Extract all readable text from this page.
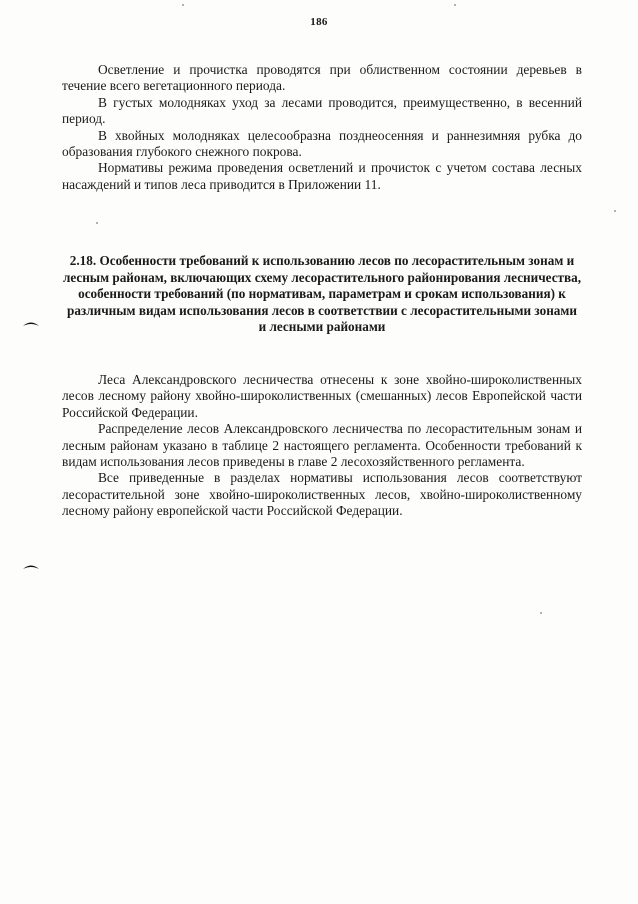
186

Осветление и прочистка проводятся при облиственном состоянии деревьев в течение всего вегетационного периода.

В густых молодняках уход за лесами проводится, преимущественно, в весенний период.

В хвойных молодняках целесообразна позднеосенняя и раннезимняя рубка до образования глубокого снежного покрова.

Нормативы режима проведения осветлений и прочисток с учетом состава лесных насаждений и типов леса приводится в Приложении 11.

2.18. Особенности требований к использованию лесов по лесорастительным зонам и лесным районам, включающих схему лесорастительного районирования лесничества, особенности требований (по нормативам, параметрам и срокам использования) к различным видам использования лесов в соответствии с лесорастительными зонами и лесными районами

Леса Александровского лесничества отнесены к зоне хвойно-широколиственных лесов лесному району хвойно-широколиственных (смешанных) лесов Европейской части Российской Федерации.

Распределение лесов Александровского лесничества по лесорастительным зонам и лесным районам указано в таблице 2 настоящего регламента. Особенности требований к видам использования лесов приведены в главе 2 лесохозяйственного регламента.

Все приведенные в разделах нормативы использования лесов соответствуют лесорастительной зоне хвойно-широколиственных лесов, хвойно-широколиственному лесному району европейской части Российской Федерации.
